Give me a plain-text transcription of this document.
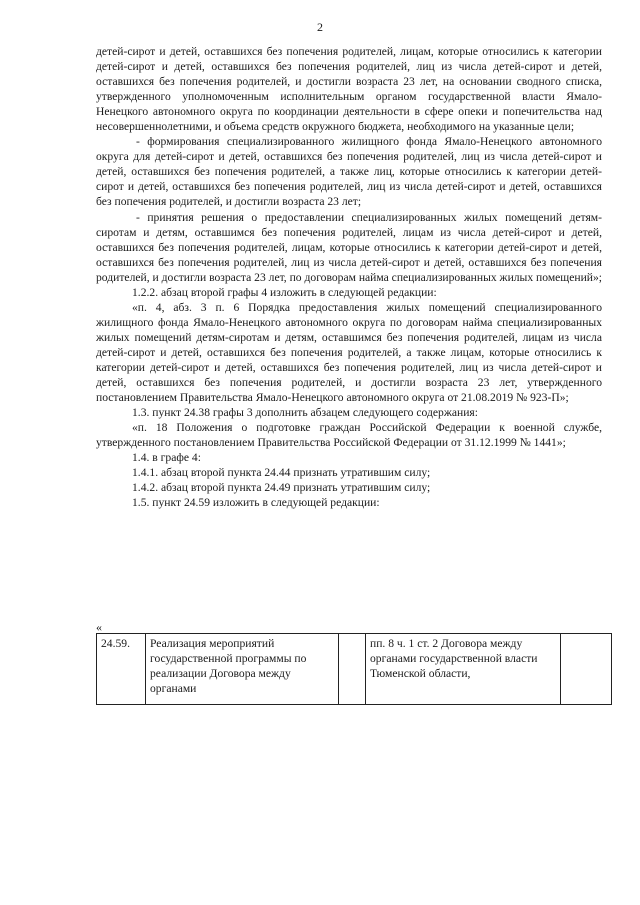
2

детей-сирот и детей, оставшихся без попечения родителей, лицам, которые относились к категории детей-сирот и детей, оставшихся без попечения родителей, лиц из числа детей-сирот и детей, оставшихся без попечения родителей, и достигли возраста 23 лет, на основании сводного списка, утвержденного уполномоченным исполнительным органом государственной власти Ямало-Ненецкого автономного округа по координации деятельности в сфере опеки и попечительства над несовершеннолетними, и объема средств окружного бюджета, необходимого на указанные цели;

- формирования специализированного жилищного фонда Ямало-Ненецкого автономного округа для детей-сирот и детей, оставшихся без попечения родителей, лиц из числа детей-сирот и детей, оставшихся без попечения родителей, а также лиц, которые относились к категории детей-сирот и детей, оставшихся без попечения родителей, лиц из числа детей-сирот и детей, оставшихся без попечения родителей, и достигли возраста 23 лет;

- принятия решения о предоставлении специализированных жилых помещений детям-сиротам и детям, оставшимся без попечения родителей, лицам из числа детей-сирот и детей, оставшихся без попечения родителей, лицам, которые относились к категории детей-сирот и детей, оставшихся без попечения родителей, лиц из числа детей-сирот и детей, оставшихся без попечения родителей, и достигли возраста 23 лет, по договорам найма специализированных жилых помещений»;

1.2.2. абзац второй графы 4 изложить в следующей редакции:

«п. 4, абз. 3 п. 6 Порядка предоставления жилых помещений специализированного жилищного фонда Ямало-Ненецкого автономного округа по договорам найма специализированных жилых помещений детям-сиротам и детям, оставшимся без попечения родителей, лицам из числа детей-сирот и детей, оставшихся без попечения родителей, а также лицам, которые относились к категории детей-сирот и детей, оставшихся без попечения родителей, лиц из числа детей-сирот и детей, оставшихся без попечения родителей, и достигли возраста 23 лет, утвержденного постановлением Правительства Ямало-Ненецкого автономного округа от 21.08.2019 № 923-П»;

1.3. пункт 24.38 графы 3 дополнить абзацем следующего содержания:

«п. 18 Положения о подготовке граждан Российской Федерации к военной службе, утвержденного постановлением Правительства Российской Федерации от 31.12.1999 № 1441»;

1.4. в графе 4:

1.4.1. абзац второй пункта 24.44 признать утратившим силу;

1.4.2. абзац второй пункта 24.49 признать утратившим силу;

1.5. пункт 24.59 изложить в следующей редакции:

«
24.59.	Реализация мероприятий государственной программы по реализации Договора между органами		пп. 8 ч. 1 ст. 2 Договора между органами государственной власти Тюменской области,	
